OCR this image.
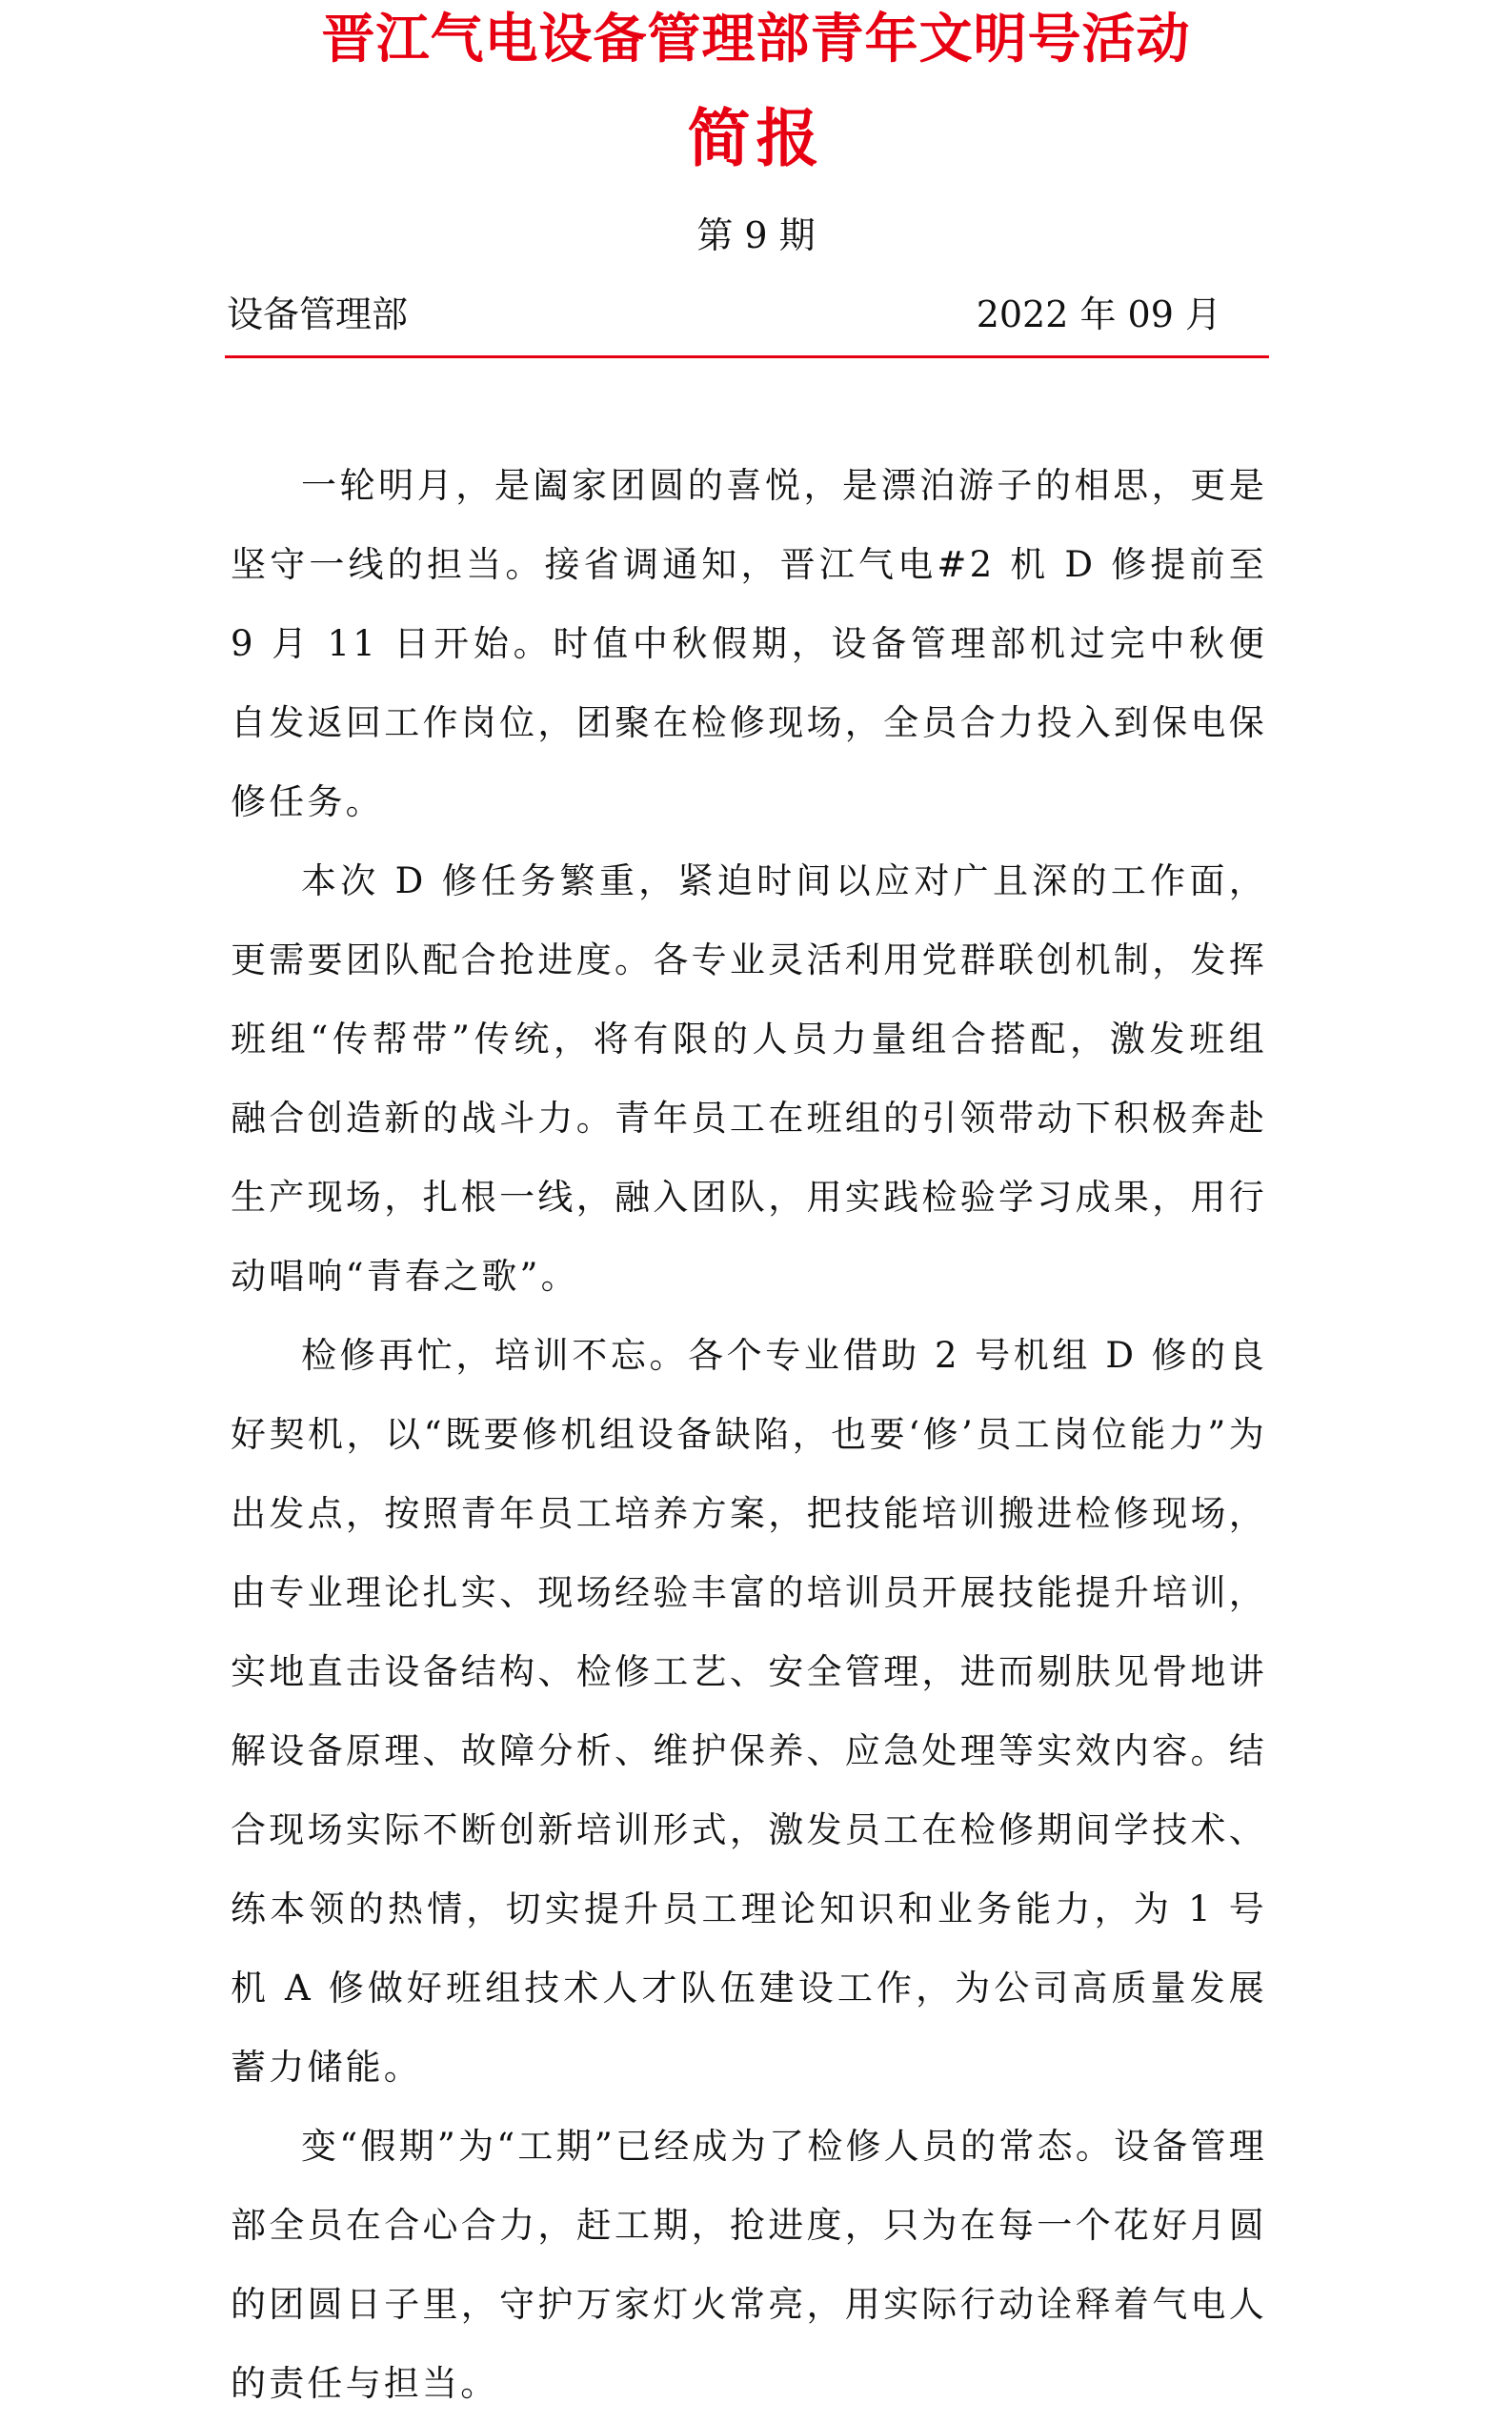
晋江气电设备管理部青年文明号活动
简报

第 9 期

设备管理部	2022 年 09 月

一轮明月，是阖家团圆的喜悦，是漂泊游子的相思，更是坚守一线的担当。接省调通知，晋江气电#2 机 D 修提前至 9 月 11 日开始。时值中秋假期，设备管理部机过完中秋便自发返回工作岗位，团聚在检修现场，全员合力投入到保电保修任务。

本次 D 修任务繁重，紧迫时间以应对广且深的工作面，更需要团队配合抢进度。各专业灵活利用党群联创机制，发挥班组“传帮带”传统，将有限的人员力量组合搭配，激发班组融合创造新的战斗力。青年员工在班组的引领带动下积极奔赴生产现场，扎根一线，融入团队，用实践检验学习成果，用行动唱响“青春之歌”。

检修再忙，培训不忘。各个专业借助 2 号机组 D 修的良好契机，以“既要修机组设备缺陷，也要‘修’员工岗位能力”为出发点，按照青年员工培养方案，把技能培训搬进检修现场，由专业理论扎实、现场经验丰富的培训员开展技能提升培训，实地直击设备结构、检修工艺、安全管理，进而剔肤见骨地讲解设备原理、故障分析、维护保养、应急处理等实效内容。结合现场实际不断创新培训形式，激发员工在检修期间学技术、练本领的热情，切实提升员工理论知识和业务能力，为 1 号机 A 修做好班组技术人才队伍建设工作，为公司高质量发展蓄力储能。

变“假期”为“工期”已经成为了检修人员的常态。设备管理部全员在合心合力，赶工期，抢进度，只为在每一个花好月圆的团圆日子里，守护万家灯火常亮，用实际行动诠释着气电人的责任与担当。
